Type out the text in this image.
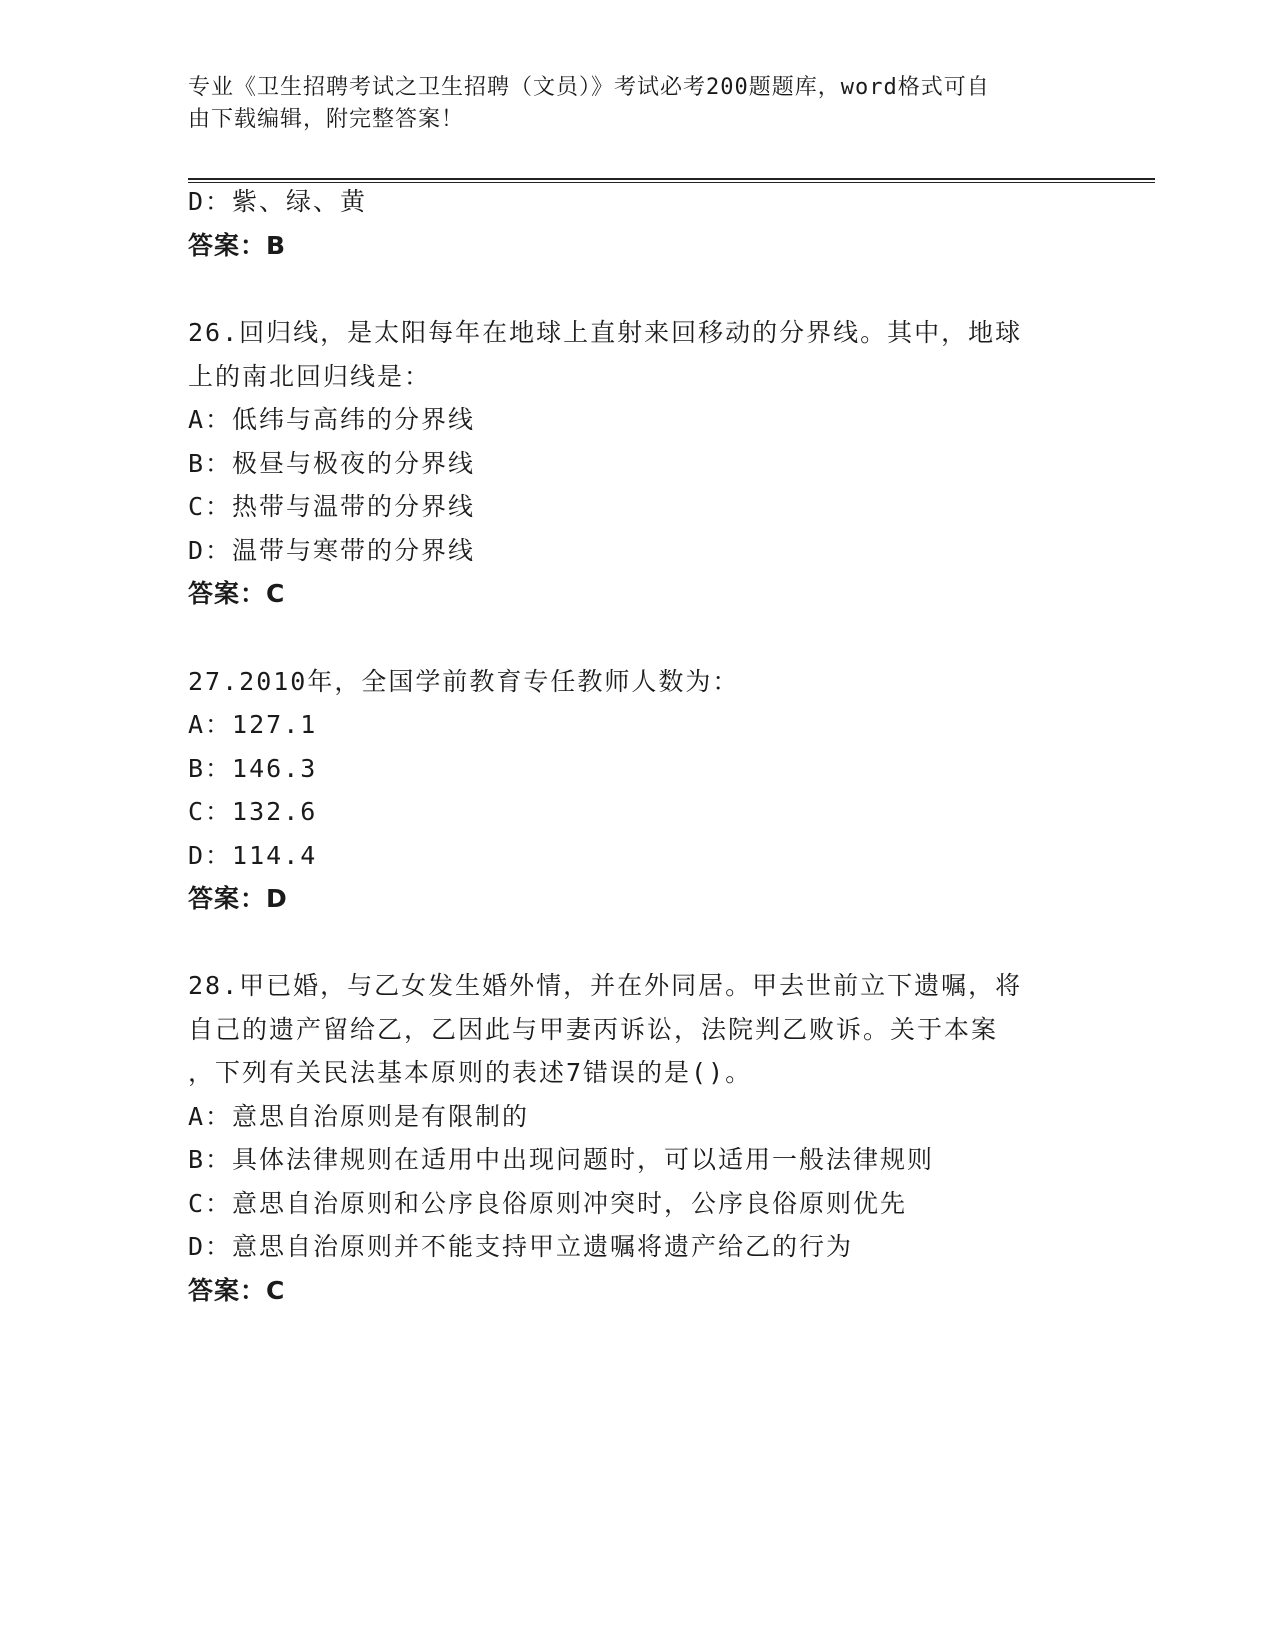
专业《卫生招聘考试之卫生招聘（文员）》考试必考200题题库，word格式可自
由下载编辑，附完整答案！
D：紫、绿、黄
答案：B
26.回归线，是太阳每年在地球上直射来回移动的分界线。其中，地球
上的南北回归线是：
A：低纬与高纬的分界线
B：极昼与极夜的分界线
C：热带与温带的分界线
D：温带与寒带的分界线
答案：C
27.2010年，全国学前教育专任教师人数为：
A：127.1
B：146.3
C：132.6
D：114.4
答案：D
28.甲已婚，与乙女发生婚外情，并在外同居。甲去世前立下遗嘱，将
自己的遗产留给乙，乙因此与甲妻丙诉讼，法院判乙败诉。关于本案
，下列有关民法基本原则的表述7错误的是()。
A：意思自治原则是有限制的
B：具体法律规则在适用中出现问题时，可以适用一般法律规则
C：意思自治原则和公序良俗原则冲突时，公序良俗原则优先
D：意思自治原则并不能支持甲立遗嘱将遗产给乙的行为
答案：C
